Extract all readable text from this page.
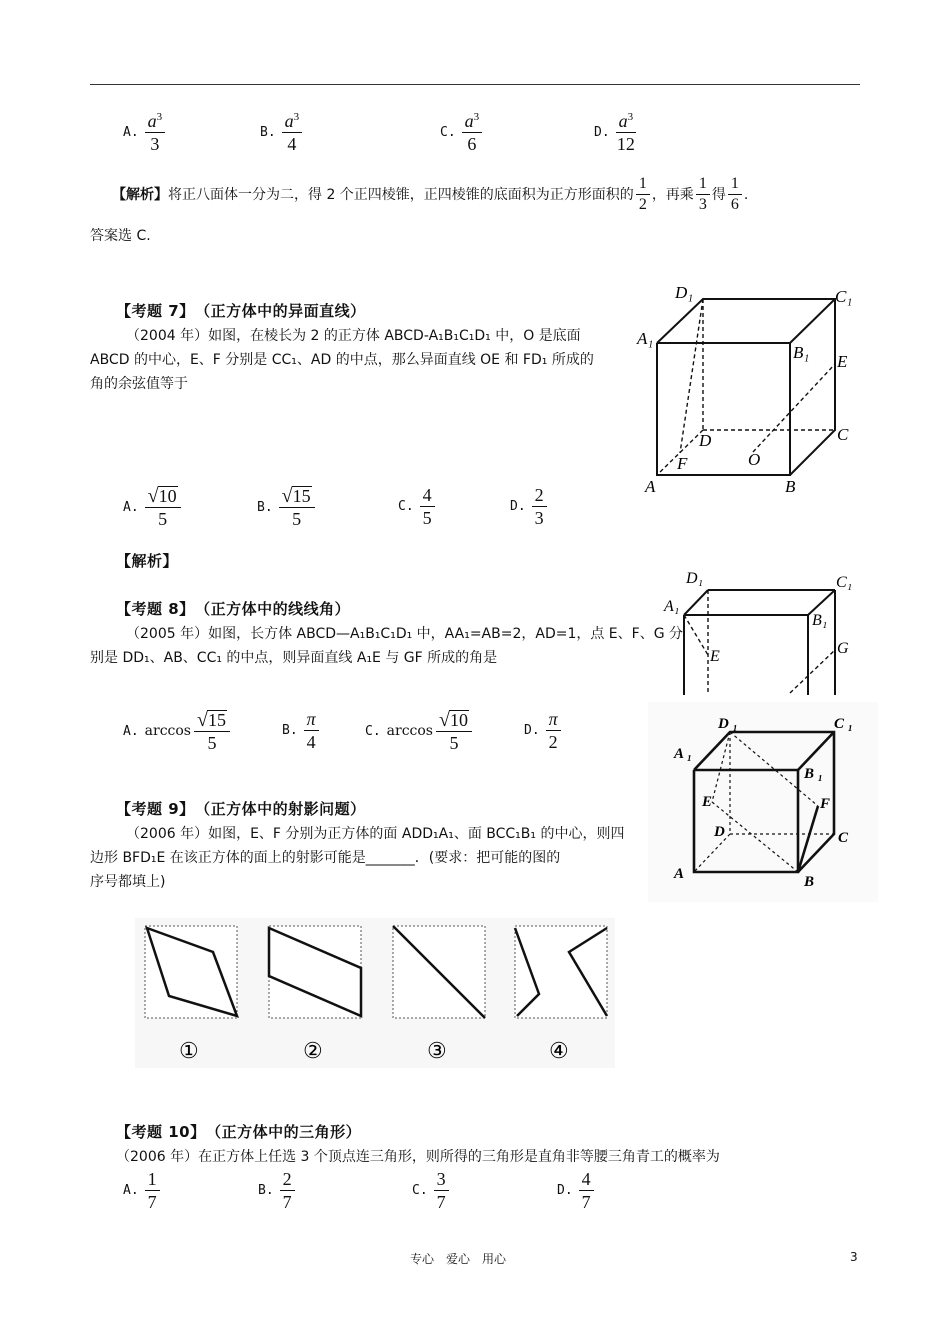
A. $\frac{a^3}{3}$	B. $\frac{a^3}{4}$	C. $\frac{a^3}{6}$	D. $\frac{a^3}{12}$
【解析】 将正八面体一分为二，得 2 个正四棱锥，正四棱锥的底面积为正方形面积的 $\frac{1}{2}$ ，再乘 $\frac{1}{3}$ 得 $\frac{1}{6}$ .
答案选 C.
【考题 7】　（正方体中的异面直线）
（2004 年）如图，在棱长为 2 的正方体 ABCD-A₁B₁C₁D₁ 中，O 是底面
ABCD 的中心，E、F 分别是 CC₁、AD 的中点，那么异面直线 OE 和 FD₁ 所成的
角的余弦值等于
D₁	C₁
A₁
B₁ E
D	C
F	O
A	B
A. $\frac{√ 10}{5}$	B. $\frac{√ 15}{5}$	C. $\frac{4}{5}$	D. $\frac{2}{3}$
【解析】
【考题 8】　（正方体中的线线角）
（2005 年）如图，长方体 ABCD—A₁B₁C₁D₁ 中，AA₁=AB=2，AD=1，点 E、F、G 分
别是 DD₁、AB、CC₁ 的中点，则异面直线 A₁E 与 GF 所成的角是
D₁	C₁
A₁
B₁
E	G
A. $\arccos \frac{√ 15}{5}$	B. $\frac{\pi}{4}$	C. $\arccos \frac{√ 10}{5}$	D. $\frac{\pi}{2}$
【考题 9】　（正方体中的射影问题）
（2006 年）如图，E、F 分别为正方体的面 ADD₁A₁、面 BCC₁B₁ 的中心，则四
边形 BFD₁E 在该正方体的面上的射影可能是_______．(要求：把可能的图的
序号都填上)
D ₁	C ₁
A ₁
B ₁
E	F
D	C
A	B
①	②	③	④
【考题 10】　（正方体中的三角形）
（2006 年）在正方体上任选 3 个顶点连三角形，则所得的三角形是直角非等腰三角青工的概率为
A. $\frac{1}{7}$	B. $\frac{2}{7}$	C. $\frac{3}{7}$	D. $\frac{4}{7}$
专心　爱心　用心	3
